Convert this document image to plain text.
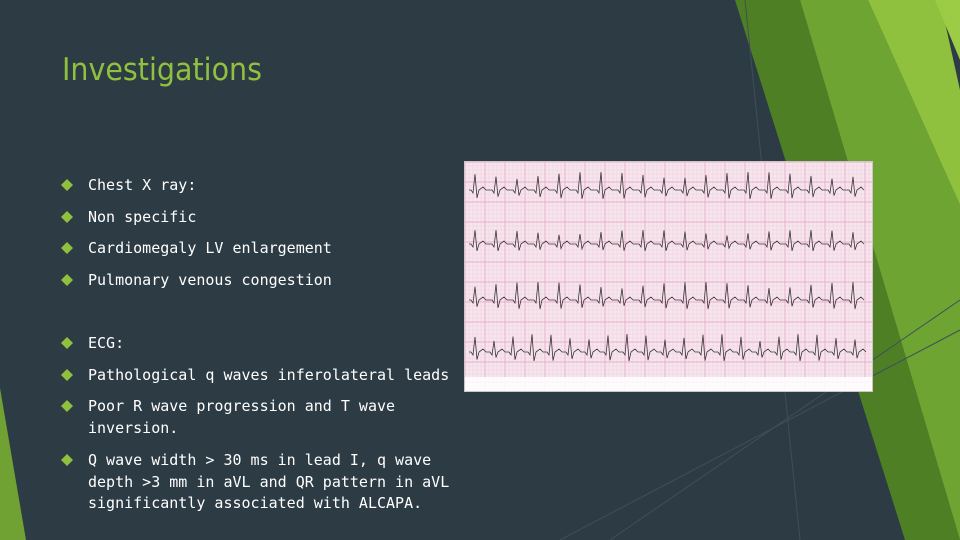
Investigations
Chest X ray:
Non specific
Cardiomegaly LV enlargement
Pulmonary venous congestion
ECG:
Pathological q waves inferolateral leads
Poor R wave progression and T wave inversion.
Q wave width > 30 ms in lead I, q wave depth >3 mm in aVL and QR pattern in aVL significantly associated with ALCAPA.
